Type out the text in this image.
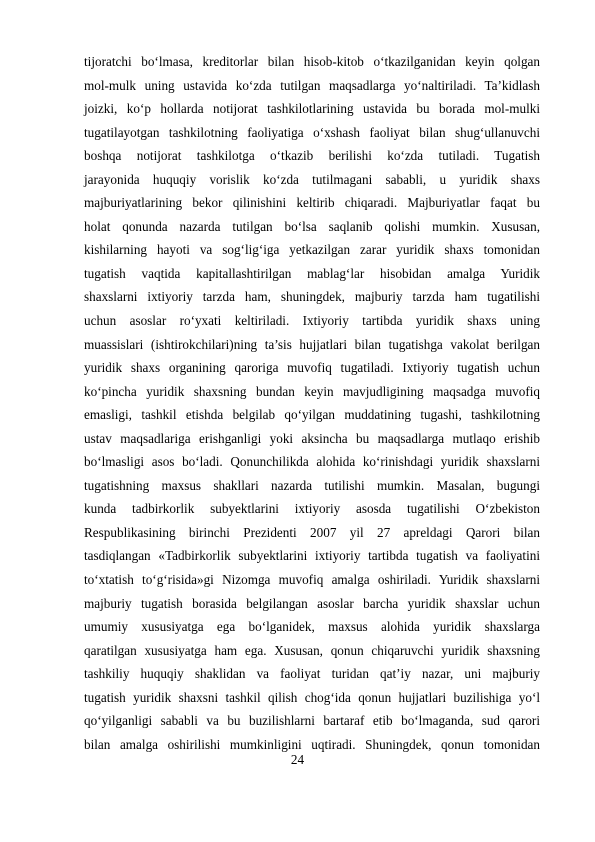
tijoratchi bo‘lmasa, kreditorlar bilan hisob-kitob o‘tkazilganidan keyin qolgan
mol-mulk uning ustavida ko‘zda tutilgan maqsadlarga yo‘naltiriladi. Ta’kidlash
joizki, ko‘p hollarda notijorat tashkilotlarining ustavida bu borada mol-mulki
tugatilayotgan tashkilotning faoliyatiga o‘xshash faoliyat bilan shug‘ullanuvchi
boshqa notijorat tashkilotga o‘tkazib berilishi ko‘zda tutiladi. Tugatish
jarayonida huquqiy vorislik ko‘zda tutilmagani sababli, u yuridik shaxs
majburiyatlarining bekor qilinishini keltirib chiqaradi. Majburiyatlar faqat bu
holat qonunda nazarda tutilgan bo‘lsa saqlanib qolishi mumkin. Xususan,
kishilarning hayoti va sog‘lig‘iga yetkazilgan zarar yuridik shaxs tomonidan
tugatish vaqtida kapitallashtirilgan mablag‘lar hisobidan amalga Yuridik
shaxslarni ixtiyoriy tarzda ham, shuningdek, majburiy tarzda ham tugatilishi
uchun asoslar ro‘yxati keltiriladi. Ixtiyoriy tartibda yuridik shaxs uning
muassislari (ishtirokchilari)ning ta’sis hujjatlari bilan tugatishga vakolat berilgan
yuridik shaxs organining qaroriga muvofiq tugatiladi. Ixtiyoriy tugatish uchun
ko‘pincha yuridik shaxsning bundan keyin mavjudligining maqsadga muvofiq
emasligi, tashkil etishda belgilab qo‘yilgan muddatining tugashi, tashkilotning
ustav maqsadlariga erishganligi yoki aksincha bu maqsadlarga mutlaqo erishib
bo‘lmasligi asos bo‘ladi. Qonunchilikda alohida ko‘rinishdagi yuridik shaxslarni
tugatishning maxsus shakllari nazarda tutilishi mumkin. Masalan, bugungi
kunda tadbirkorlik subyektlarini ixtiyoriy asosda tugatilishi O‘zbekiston
Respublikasining birinchi Prezidenti 2007 yil 27 apreldagi Qarori bilan
tasdiqlangan «Tadbirkorlik subyektlarini ixtiyoriy tartibda tugatish va faoliyatini
to‘xtatish to‘g‘risida»gi Nizomga muvofiq amalga oshiriladi. Yuridik shaxslarni
majburiy tugatish borasida belgilangan asoslar barcha yuridik shaxslar uchun
umumiy xususiyatga ega bo‘lganidek, maxsus alohida yuridik shaxslarga
qaratilgan xususiyatga ham ega. Xususan, qonun chiqaruvchi yuridik shaxsning
tashkiliy huquqiy shaklidan va faoliyat turidan qat’iy nazar, uni majburiy
tugatish yuridik shaxsni tashkil qilish chog‘ida qonun hujjatlari buzilishiga yo‘l
qo‘yilganligi sababli va bu buzilishlarni bartaraf etib bo‘lmaganda, sud qarori
bilan amalga oshirilishi mumkinligini uqtiradi. Shuningdek, qonun tomonidan
24
